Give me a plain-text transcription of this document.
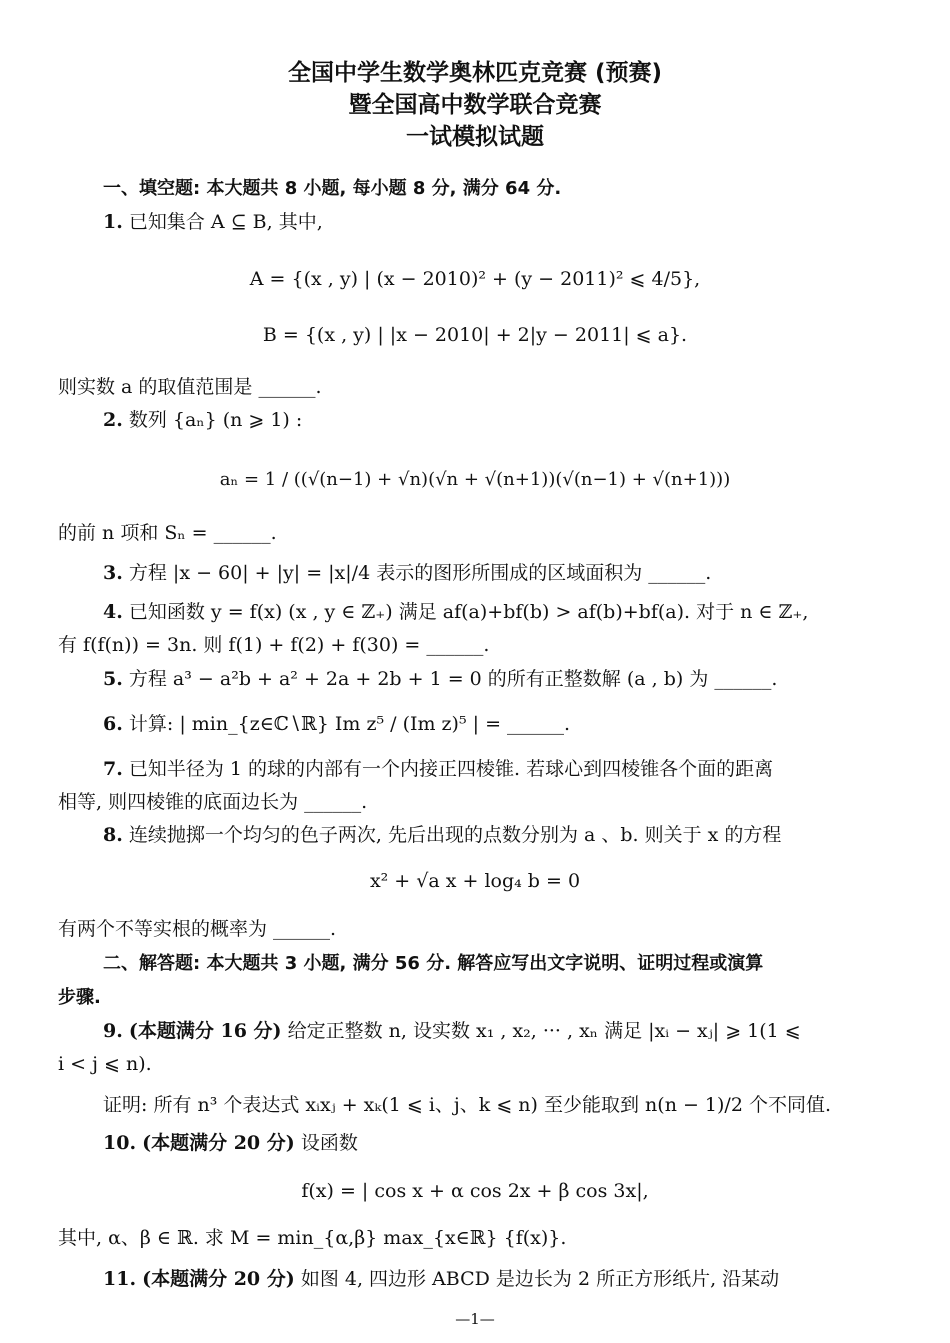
全国中学生数学奥林匹克竞赛 (预赛)
暨全国高中数学联合竞赛
一试模拟试题
一、填空题: 本大题共 8 小题, 每小题 8 分, 满分 64 分.
1. 已知集合 A ⊆ B, 其中,
A = {(x , y) | (x − 2010)² + (y − 2011)² ⩽ 4/5},
B = {(x , y) | |x − 2010| + 2|y − 2011| ⩽ a}.
则实数 a 的取值范围是 ______.
2. 数列 {aₙ} (n ⩾ 1) :
aₙ = 1 / ((√(n−1) + √n)(√n + √(n+1))(√(n−1) + √(n+1)))
的前 n 项和 Sₙ = ______.
3. 方程 |x − 60| + |y| = |x|/4 表示的图形所围成的区域面积为 ______.
4. 已知函数 y = f(x) (x , y ∈ ℤ₊) 满足 af(a)+bf(b) > af(b)+bf(a). 对于 n ∈ ℤ₊,
有 f(f(n)) = 3n. 则 f(1) + f(2) + f(30) = ______.
5. 方程 a³ − a²b + a² + 2a + 2b + 1 = 0 的所有正整数解 (a , b) 为 ______.
6. 计算: | min_{z∈ℂ∖ℝ} Im z⁵ / (Im z)⁵ | = ______.
7. 已知半径为 1 的球的内部有一个内接正四棱锥. 若球心到四棱锥各个面的距离
相等, 则四棱锥的底面边长为 ______.
8. 连续抛掷一个均匀的色子两次, 先后出现的点数分别为 a 、b. 则关于 x 的方程
x² + √a x + log₄ b = 0
有两个不等实根的概率为 ______.
二、解答题: 本大题共 3 小题, 满分 56 分. 解答应写出文字说明、证明过程或演算
步骤.
9. (本题满分 16 分) 给定正整数 n, 设实数 x₁ , x₂, ··· , xₙ 满足 |xᵢ − xⱼ| ⩾ 1(1 ⩽
i < j ⩽ n).
证明: 所有 n³ 个表达式 xᵢxⱼ + xₖ(1 ⩽ i、j、k ⩽ n) 至少能取到 n(n − 1)/2 个不同值.
10. (本题满分 20 分) 设函数
f(x) = | cos x + α cos 2x + β cos 3x|,
其中, α、β ∈ ℝ. 求 M = min_{α,β} max_{x∈ℝ} {f(x)}.
11. (本题满分 20 分) 如图 4, 四边形 ABCD 是边长为 2 所正方形纸片, 沿某动
—1—
